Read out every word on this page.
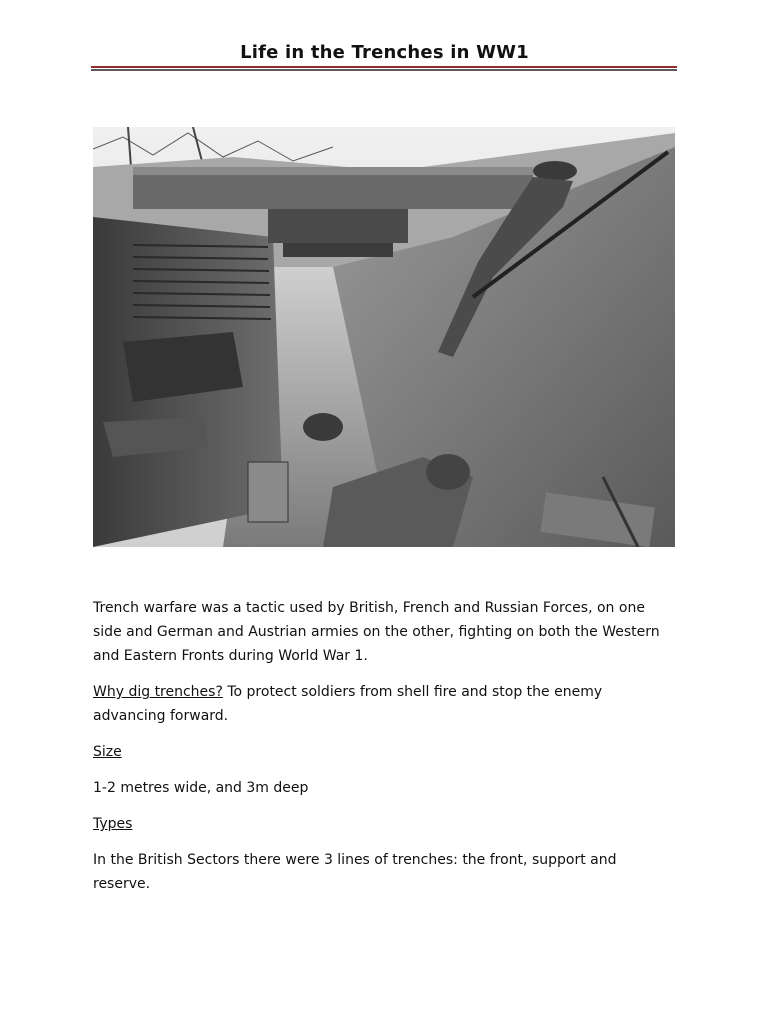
Life in the Trenches in WW1
Trench warfare was a tactic used by British, French and Russian Forces, on one side and German and Austrian armies on the other, fighting on both the Western and Eastern Fronts during World War 1.
Why dig trenches? To protect soldiers from shell fire and stop the enemy advancing forward.
Size
1-2 metres wide, and 3m deep
Types
In the British Sectors there were 3 lines of trenches: the front, support and reserve.
